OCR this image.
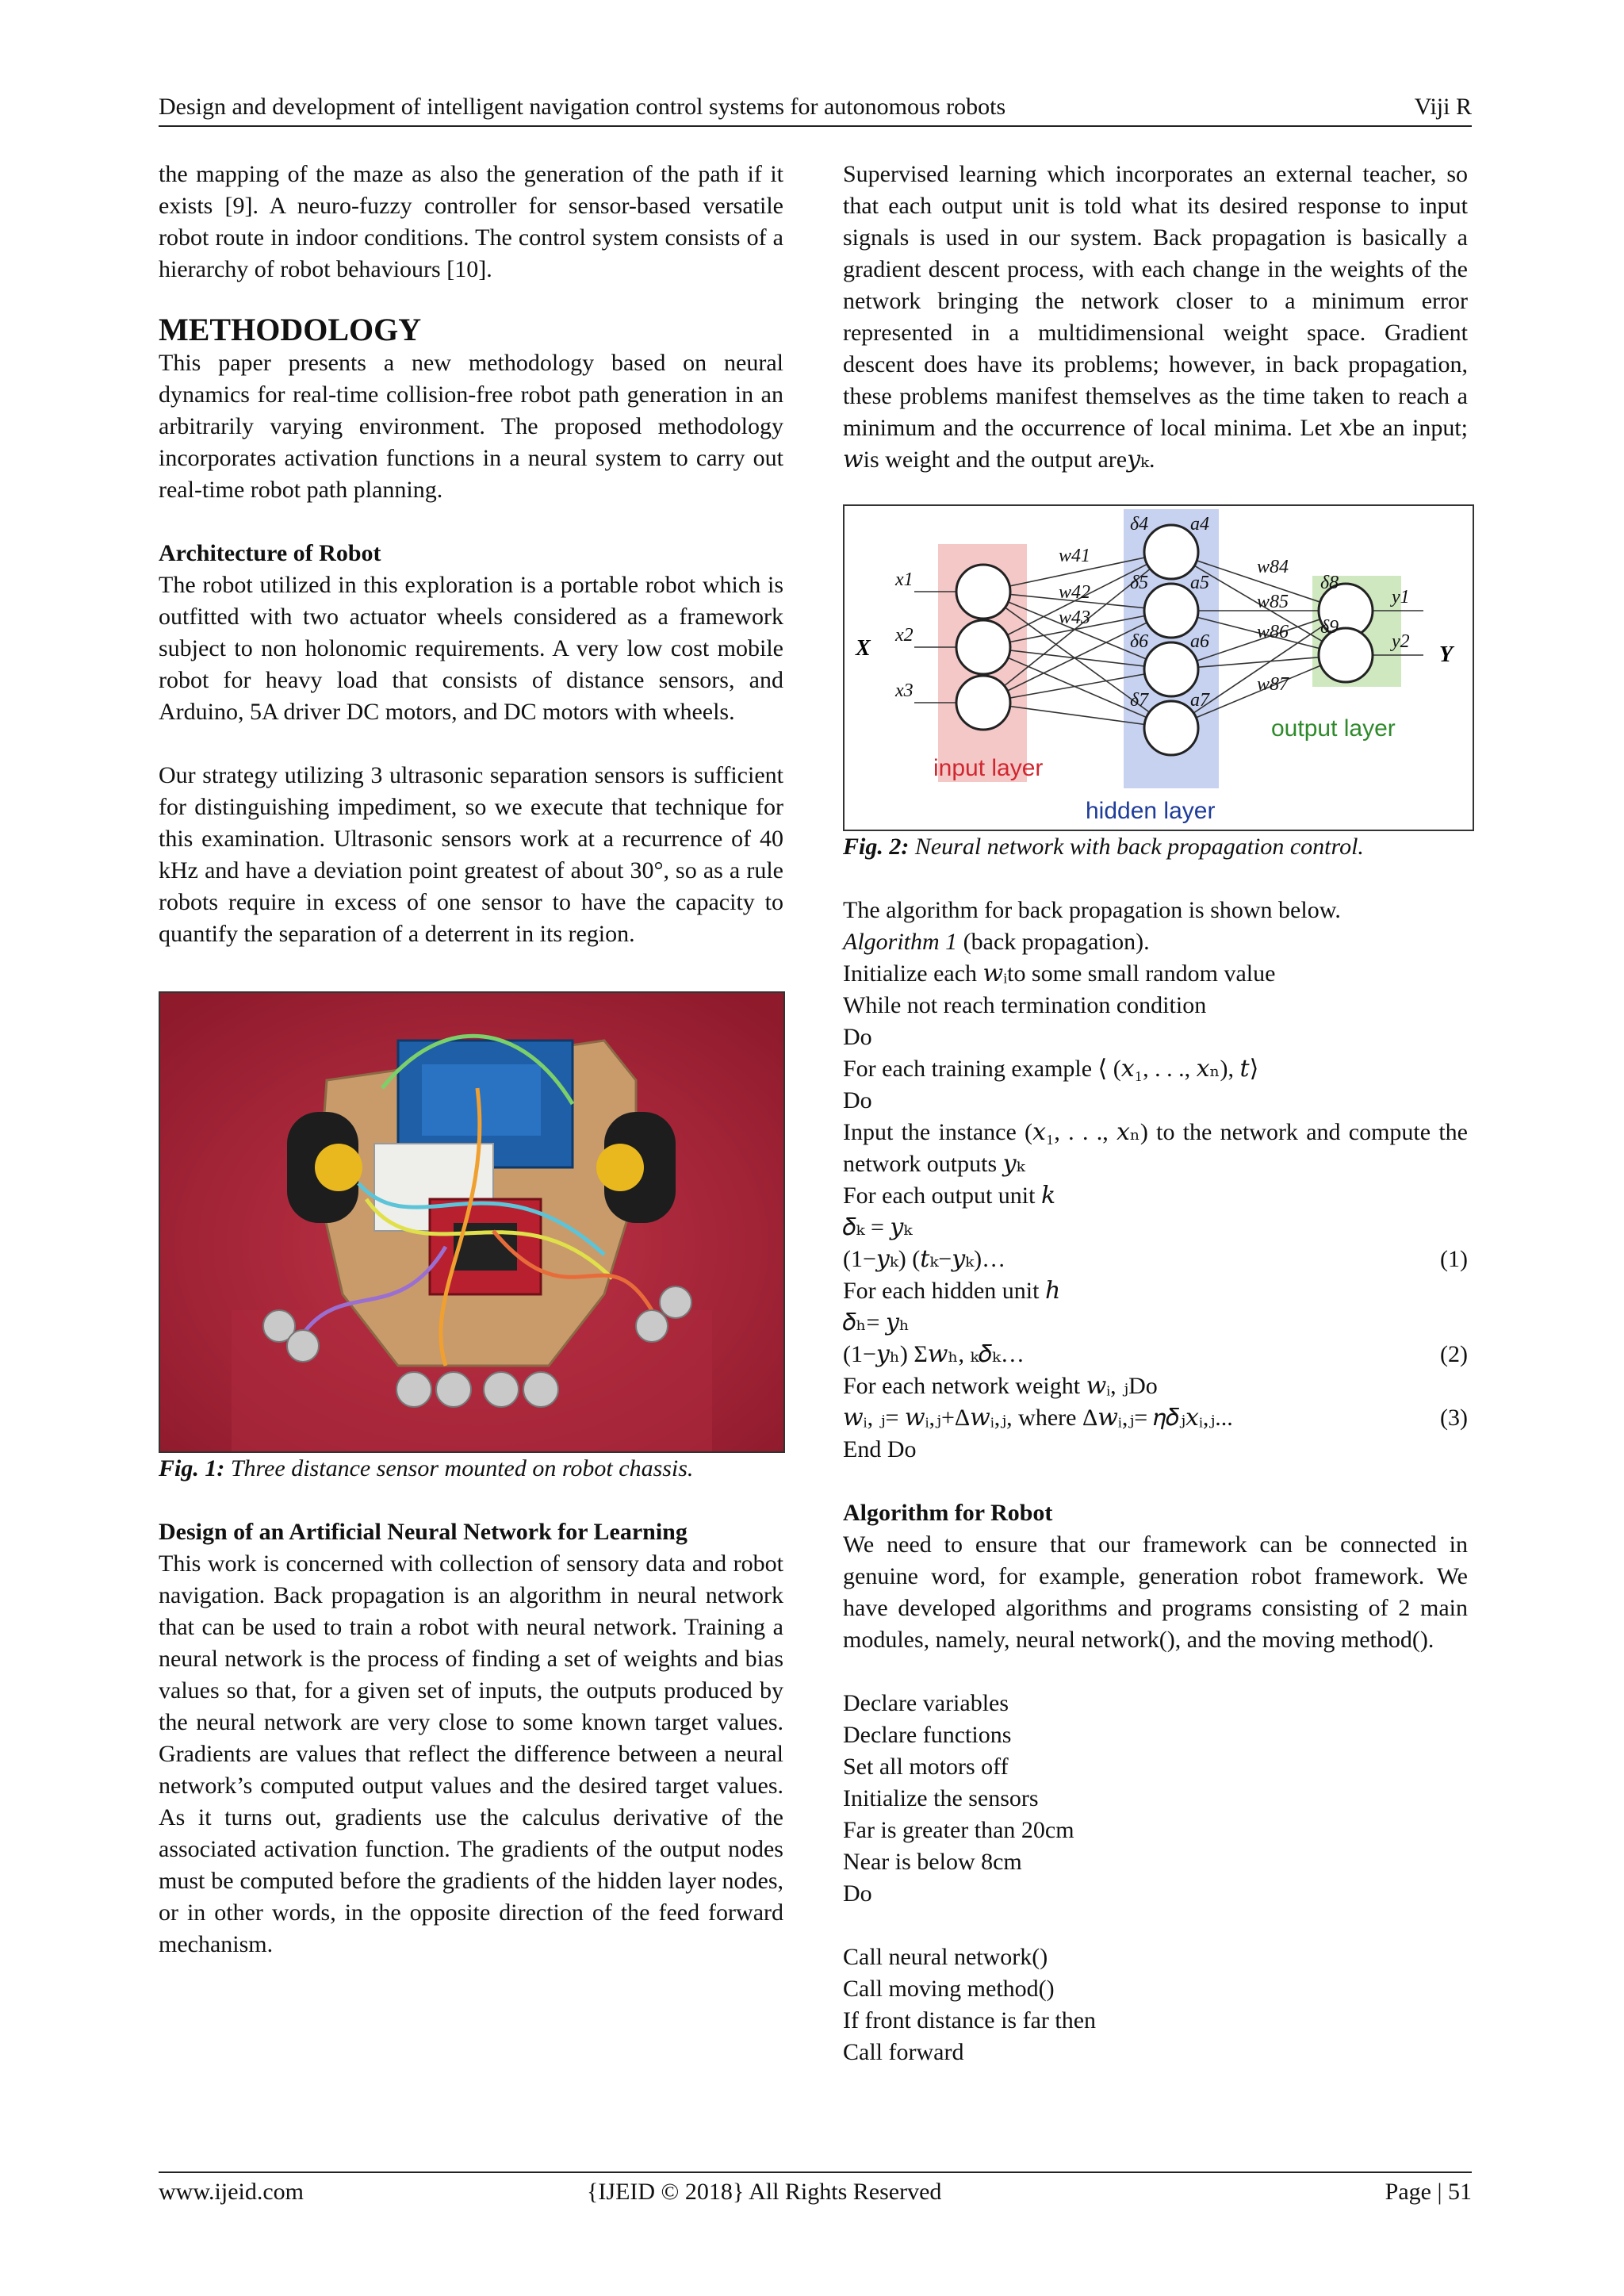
Design and development of intelligent navigation control systems for autonomous robots	Viji R

the mapping of the maze as also the generation of the path if it exists [9]. A neuro-fuzzy controller for sensor-based versatile robot route in indoor conditions. The control system consists of a hierarchy of robot behaviours [10].

METHODOLOGY

This paper presents a new methodology based on neural dynamics for real-time collision-free robot path generation in an arbitrarily varying environment. The proposed methodology incorporates activation functions in a neural system to carry out real-time robot path planning.

Architecture of Robot

The robot utilized in this exploration is a portable robot which is outfitted with two actuator wheels considered as a framework subject to non holonomic requirements. A very low cost mobile robot for heavy load that consists of distance sensors, and Arduino, 5A driver DC motors, and DC motors with wheels.

Our strategy utilizing 3 ultrasonic separation sensors is sufficient for distinguishing impediment, so we execute that technique for this examination. Ultrasonic sensors work at a recurrence of 40 kHz and have a deviation point greatest of about 30°, so as a rule robots require in excess of one sensor to have the capacity to quantify the separation of a deterrent in its region.

Fig. 1: Three distance sensor mounted on robot chassis.

Design of an Artificial Neural Network for Learning

This work is concerned with collection of sensory data and robot navigation. Back propagation is an algorithm in neural network that can be used to train a robot with neural network. Training a neural network is the process of finding a set of weights and bias values so that, for a given set of inputs, the outputs produced by the neural network are very close to some known target values. Gradients are values that reflect the difference between a neural network’s computed output values and the desired target values. As it turns out, gradients use the calculus derivative of the associated activation function. The gradients of the output nodes must be computed before the gradients of the hidden layer nodes, or in other words, in the opposite direction of the feed forward mechanism.

Supervised learning which incorporates an external teacher, so that each output unit is told what its desired response to input signals is used in our system. Back propagation is basically a gradient descent process, with each change in the weights of the network bringing the network closer to a minimum error represented in a multidimensional weight space. Gradient descent does have its problems; however, in back propagation, these problems manifest themselves as the time taken to reach a minimum and the occurrence of local minima. Let 𝑥be an input; 𝑤is weight and the output are𝑦ₖ.

x1
x2
x3
δ4
δ5
δ6
δ7
a4
a5
a6
a7
w41
w42
w43
w84
w85
w86
w87
δ8
δ9
y1
y2
X	Y
input layer
hidden layer
output layer

Fig. 2: Neural network with back propagation control.

The algorithm for back propagation is shown below.

Algorithm 1 (back propagation).

Initialize each 𝑤ᵢto some small random value

While not reach termination condition

Do

For each training example ⟨ (𝑥₁, . . ., 𝑥ₙ), 𝑡⟩

Do

Input the instance (𝑥₁, . . ., 𝑥ₙ) to the network and compute the network outputs 𝑦ₖ

For each output unit 𝑘

𝛿ₖ = 𝑦ₖ

(1−𝑦ₖ) (𝑡ₖ−𝑦ₖ)…	(1)

For each hidden unit ℎ

𝛿ₕ= 𝑦ₕ

(1−𝑦ₕ) Σ𝑤ₕ, ₖ𝛿ₖ…	(2)

For each network weight 𝑤ᵢ, ⱼDo

𝑤ᵢ, ⱼ= 𝑤ᵢ,ⱼ+Δ𝑤ᵢ,ⱼ, where Δ𝑤ᵢ,ⱼ= 𝜂𝛿ⱼ𝑥ᵢ,ⱼ...	(3)

End Do

Algorithm for Robot

We need to ensure that our framework can be connected in genuine word, for example, generation robot framework. We have developed algorithms and programs consisting of 2 main modules, namely, neural network(), and the moving method().

Declare variables

Declare functions

Set all motors off

Initialize the sensors

Far is greater than 20cm

Near is below 8cm

Do

Call neural network()

Call moving method()

If front distance is far then

Call forward

www.ijeid.com	{IJEID © 2018} All Rights Reserved	Page | 51
